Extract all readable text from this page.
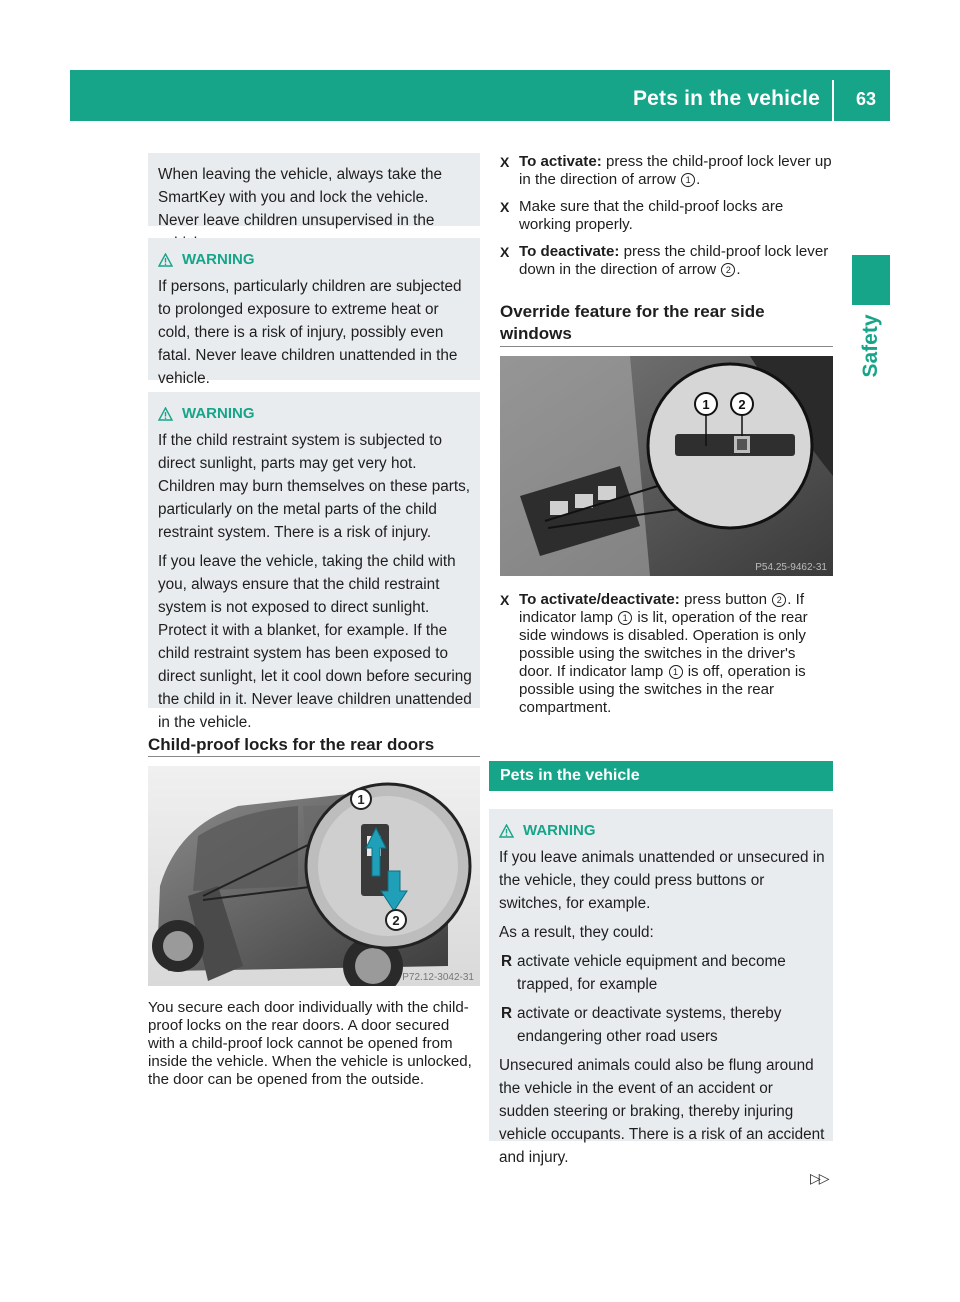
Pets in the vehicle 63
Safety

When leaving the vehicle, always take the SmartKey with you and lock the vehicle. Never leave children unsupervised in the

WARNING

If persons, particularly children are subjected to prolonged exposure to extreme heat or cold, there is a risk of injury, possibly even fatal. Never leave children unattended in the vehicle.

WARNING

If the child restraint system is subjected to direct sunlight, parts may get very hot. Children may burn themselves on these parts, particularly on the metal parts of the child restraint system. There is a risk of injury.

If you leave the vehicle, taking the child with you, always ensure that the child restraint system is not exposed to direct sunlight. Protect it with a blanket, for example. If the child restraint system has been exposed to direct sunlight, let it cool down before securing the child in it. Never leave children unattended in the vehicle.

Child-proof locks for the rear doors
1
2
P72.12-3042-31

You secure each door individually with the child-proof locks on the rear doors. A door secured with a child-proof lock cannot be opened from inside the vehicle. When the vehicle is unlocked, the door can be opened from the outside.

X To activate: press the child-proof lock lever up in the direction of arrow 1 .
X Make sure that the child-proof locks are working properly.
X To deactivate: press the child-proof lock lever down in the direction of arrow 2 .
Override feature for the rear side windows
1 2
P54.25-9462-31
X To activate/deactivate: press button 2 . If indicator lamp 1 is lit, operation of the rear side windows is disabled. Operation is only possible using the switches in the driver's door. If indicator lamp 1 is off, operation is possible using the switches in the rear compartment.
Pets in the vehicle
WARNING

If you leave animals unattended or unsecured in the vehicle, they could press buttons or switches, for example.

As a result, they could:

R activate vehicle equipment and become trapped, for example
R activate or deactivate systems, thereby endangering other road users

Unsecured animals could also be flung around the vehicle in the event of an accident or sudden steering or braking, thereby injuring vehicle occupants. There is a risk of an accident and injury.

▷▷
